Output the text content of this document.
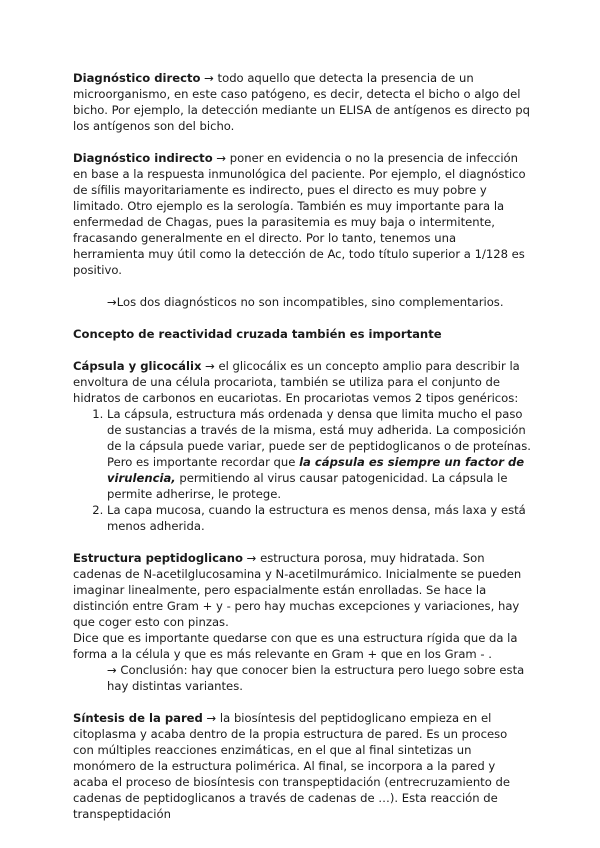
Diagnóstico directo → todo aquello que detecta la presencia de un microorganismo, en este caso patógeno, es decir, detecta el bicho o algo del bicho. Por ejemplo, la detección mediante un ELISA de antígenos es directo pq los antígenos son del bicho.

Diagnóstico indirecto → poner en evidencia o no la presencia de infección en base a la respuesta inmunológica del paciente. Por ejemplo, el diagnóstico de sífilis mayoritariamente es indirecto, pues el directo es muy pobre y limitado. Otro ejemplo es la serología. También es muy importante para la enfermedad de Chagas, pues la parasitemia es muy baja o intermitente, fracasando generalmente en el directo. Por lo tanto, tenemos una herramienta muy útil como la detección de Ac, todo título superior a 1/128 es positivo.

→Los dos diagnósticos no son incompatibles, sino complementarios.

Concepto de reactividad cruzada también es importante

Cápsula y glicocálix → el glicocálix es un concepto amplio para describir la envoltura de una célula procariota, también se utiliza para el conjunto de hidratos de carbonos en eucariotas. En procariotas vemos 2 tipos genéricos:

1. La cápsula, estructura más ordenada y densa que limita mucho el paso de sustancias a través de la misma, está muy adherida. La composición de la cápsula puede variar, puede ser de peptidoglicanos o de proteínas. Pero es importante recordar que la cápsula es siempre un factor de virulencia, permitiendo al virus causar patogenicidad. La cápsula le permite adherirse, le protege.
2. La capa mucosa, cuando la estructura es menos densa, más laxa y está menos adherida.

Estructura peptidoglicano → estructura porosa, muy hidratada. Son cadenas de N-acetilglucosamina y N-acetilmurámico. Inicialmente se pueden imaginar linealmente, pero espacialmente están enrolladas. Se hace la distinción entre Gram + y - pero hay muchas excepciones y variaciones, hay que coger esto con pinzas.

Dice que es importante quedarse con que es una estructura rígida que da la forma a la célula y que es más relevante en Gram + que en los Gram - .

→ Conclusión: hay que conocer bien la estructura pero luego sobre esta hay distintas variantes.

Síntesis de la pared → la biosíntesis del peptidoglicano empieza en el citoplasma y acaba dentro de la propia estructura de pared. Es un proceso con múltiples reacciones enzimáticas, en el que al final sintetizas un monómero de la estructura polimérica. Al final, se incorpora a la pared y acaba el proceso de biosíntesis con transpeptidación (entrecruzamiento de cadenas de peptidoglicanos a través de cadenas de …). Esta reacción de transpeptidación
